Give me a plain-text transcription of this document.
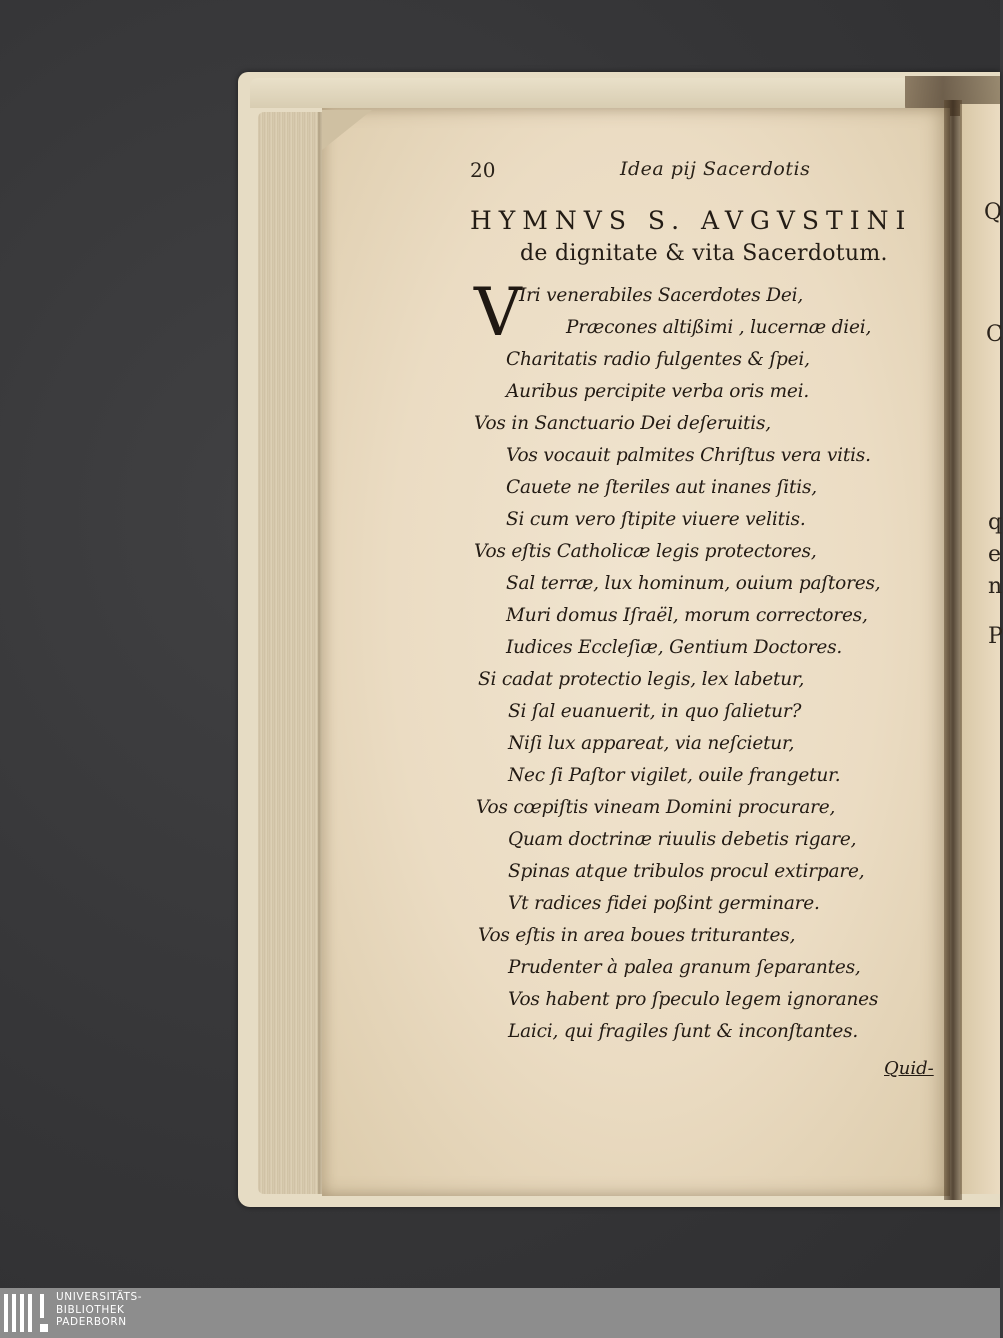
Q
C
q
e
n
P
20	Idea pij Sacerdotis
HYMNVS S. AVGVSTINI
de dignitate & vita Sacerdotum.
V
Iri venerabiles Sacerdotes Dei,
Præcones altißimi , lucernæ diei,
Charitatis radio fulgentes & ſpei,
Auribus percipite verba oris mei.
Vos in Sanctuario Dei deſeruitis,
Vos vocauit palmites Chriſtus vera vitis.
Cauete ne ſteriles aut inanes ſitis,
Si cum vero ſtipite viuere velitis.
Vos eſtis Catholicæ legis protectores,
Sal terræ, lux hominum, ouium paſtores,
Muri domus Iſraël, morum correctores,
Iudices Eccleſiæ, Gentium Doctores.
Si cadat protectio legis, lex labetur,
Si ſal euanuerit, in quo ſalietur?
Niſi lux appareat, via neſcietur,
Nec ſi Paſtor vigilet, ouile frangetur.
Vos cœpiſtis vineam Domini procurare,
Quam doctrinæ riuulis debetis rigare,
Spinas atque tribulos procul extirpare,
Vt radices fidei poßint germinare.
Vos eſtis in area boues triturantes,
Prudenter à palea granum ſeparantes,
Vos habent pro ſpeculo legem ignoranes
Laici, qui fragiles ſunt & inconſtantes.
Quid-
UNIVERSITÄTS-
BIBLIOTHEK
PADERBORN
